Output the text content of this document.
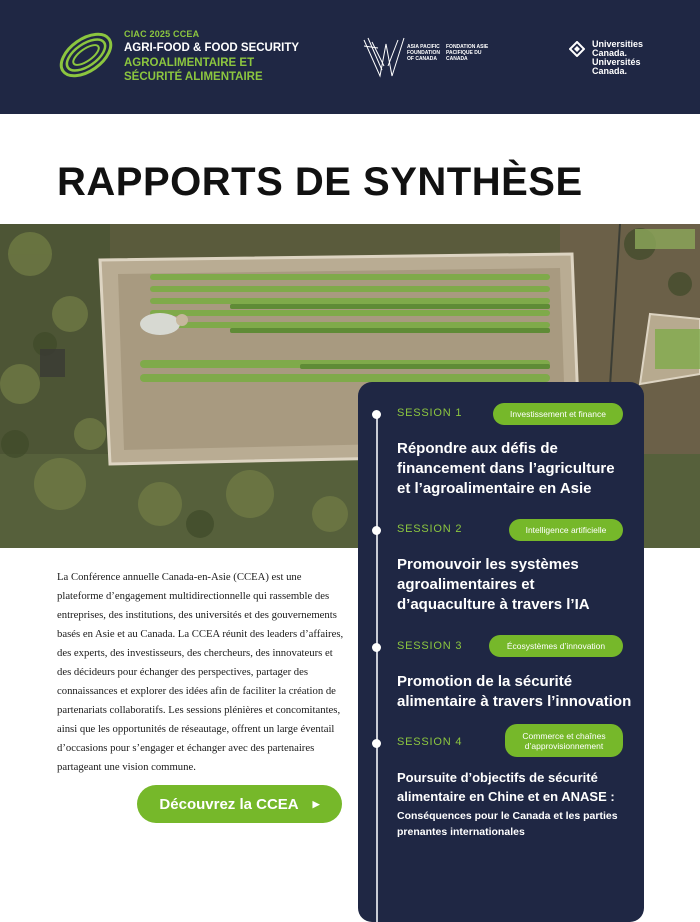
CIAC 2025 CCEA
AGRI-FOOD & FOOD SECURITY
AGROALIMENTAIRE ET
SÉCURITÉ ALIMENTAIRE
ASIA PACIFIC FOUNDATION OF CANADA
FONDATION ASIE PACIFIQUE DU CANADA
Universities
Canada.
Universités
Canada.
RAPPORTS DE SYNTHÈSE

La Conférence annuelle Canada-en-Asie (CCEA) est une plateforme d’engagement multidirectionnelle qui rassemble des entreprises, des institutions, des universités et des gouvernements basés en Asie et au Canada. La CCEA réunit des leaders d’affaires, des experts, des investisseurs, des chercheurs, des innovateurs et des décideurs pour échanger des perspectives, partager des connaissances et explorer des idées afin de faciliter la création de partenariats collaboratifs. Les sessions plénières et concomitantes, ainsi que les opportunités de réseautage, offrent un large éventail d’occasions pour s’engager et échanger avec des partenaires partageant une vision commune.

Découvrez la CCEA ▶
SESSION 1	Investissement et finance

Répondre aux défis de financement dans l’agriculture et l’agroalimentaire en Asie

SESSION 2	Intelligence artificielle

Promouvoir les systèmes agroalimentaires et d’aquaculture à travers l’IA

SESSION 3	Écosystèmes d’innovation

Promotion de la sécurité alimentaire à travers l’innovation

SESSION 4
Commerce et chaînes d’approvisionnement

Poursuite d’objectifs de sécurité alimentaire en Chine et en ANASE :

Conséquences pour le Canada et les parties prenantes internationales
